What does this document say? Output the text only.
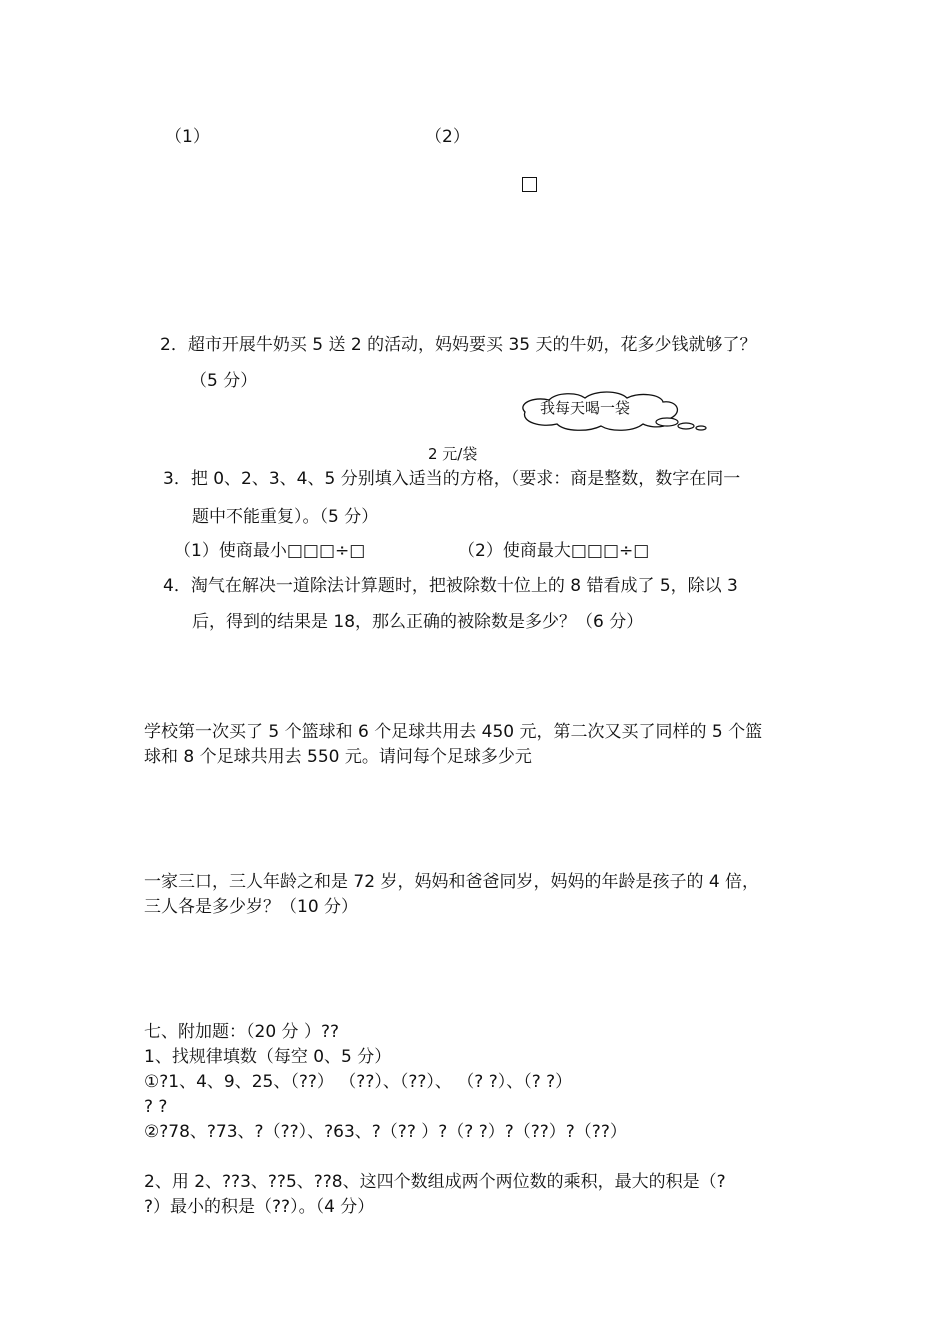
（1）	（2）
2．超市开展牛奶买 5 送 2 的活动，妈妈要买 35 天的牛奶，花多少钱就够了？
（5 分）
我每天喝一袋
2 元/袋
3．把 0、2、3、4、5 分别填入适当的方格，（要求：商是整数，数字在同一
题中不能重复）。（5 分）
（1）使商最小□□□÷□	（2）使商最大□□□÷□
4．淘气在解决一道除法计算题时，把被除数十位上的 8 错看成了 5，除以 3
后，得到的结果是 18，那么正确的被除数是多少？（6 分）
学校第一次买了 5 个篮球和 6 个足球共用去 450 元，第二次又买了同样的 5 个篮
球和 8 个足球共用去 550 元。请问每个足球多少元
一家三口，三人年龄之和是 72 岁，妈妈和爸爸同岁，妈妈的年龄是孩子的 4 倍，
三人各是多少岁？（10 分）
七、附加题：（20 分 ）??
1、找规律填数（每空 0、5 分）
①?1、4、9、25、（??） （??）、（??）、 （? ?）、（? ?）
? ?
②?78、?73、?（??）、?63、?（?? ）?（? ?）?（??）?（??）
2、用 2、??3、??5、??8、这四个数组成两个两位数的乘积，最大的积是（?
?）最小的积是（??）。（4 分）
